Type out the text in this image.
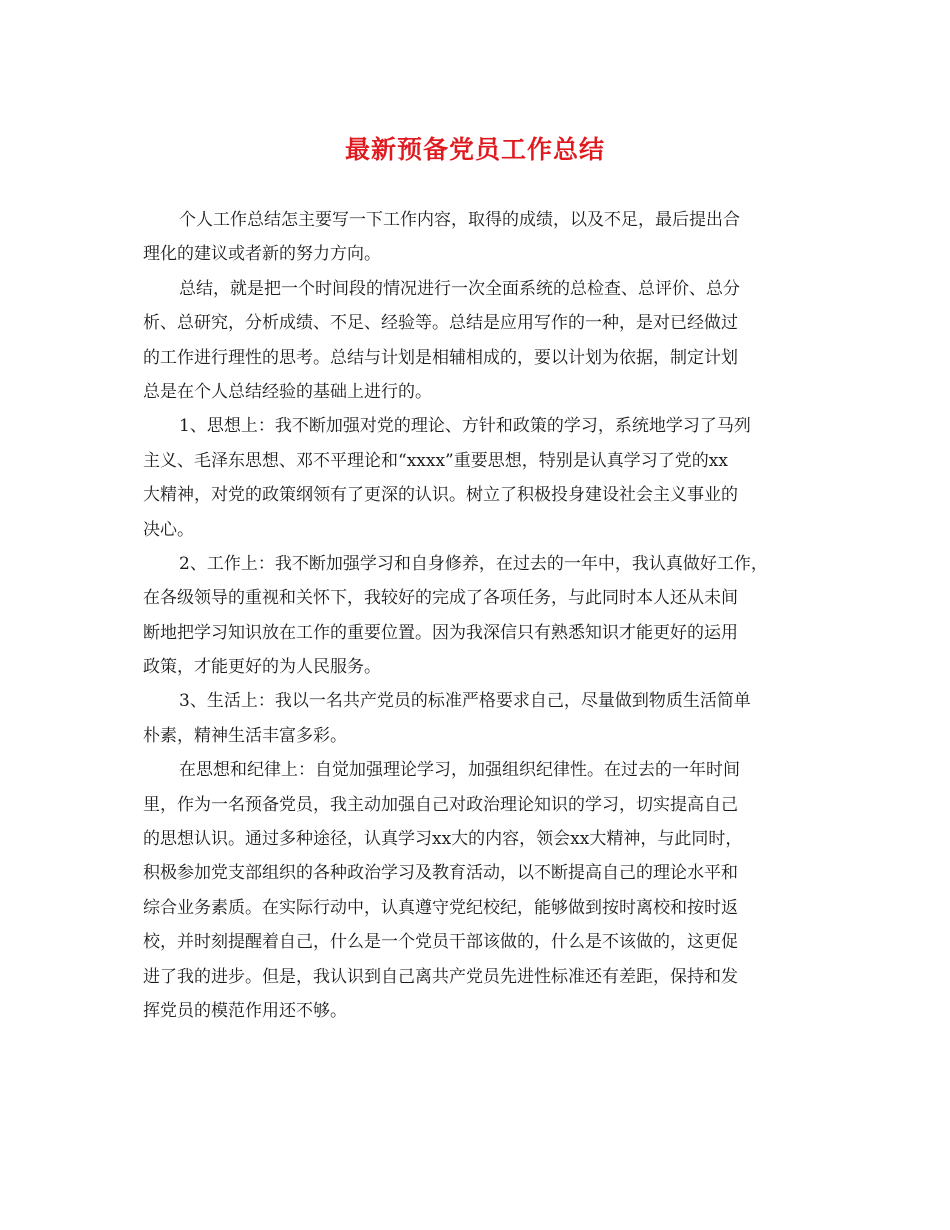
最新预备党员工作总结
个人工作总结怎主要写一下工作内容，取得的成绩，以及不足，最后提出合
理化的建议或者新的努力方向。
总结，就是把一个时间段的情况进行一次全面系统的总检查、总评价、总分
析、总研究，分析成绩、不足、经验等。总结是应用写作的一种，是对已经做过
的工作进行理性的思考。总结与计划是相辅相成的，要以计划为依据，制定计划
总是在个人总结经验的基础上进行的。
1、思想上：我不断加强对党的理论、方针和政策的学习，系统地学习了马列
主义、毛泽东思想、邓不平理论和“xxxx”重要思想，特别是认真学习了党的xx
大精神，对党的政策纲领有了更深的认识。树立了积极投身建设社会主义事业的
决心。
2、工作上：我不断加强学习和自身修养，在过去的一年中，我认真做好工作，
在各级领导的重视和关怀下，我较好的完成了各项任务，与此同时本人还从未间
断地把学习知识放在工作的重要位置。因为我深信只有熟悉知识才能更好的运用
政策，才能更好的为人民服务。
3、生活上：我以一名共产党员的标准严格要求自己，尽量做到物质生活简单
朴素，精神生活丰富多彩。
在思想和纪律上：自觉加强理论学习，加强组织纪律性。在过去的一年时间
里，作为一名预备党员，我主动加强自己对政治理论知识的学习，切实提高自己
的思想认识。通过多种途径，认真学习xx大的内容，领会xx大精神，与此同时，
积极参加党支部组织的各种政治学习及教育活动，以不断提高自己的理论水平和
综合业务素质。在实际行动中，认真遵守党纪校纪，能够做到按时离校和按时返
校，并时刻提醒着自己，什么是一个党员干部该做的，什么是不该做的，这更促
进了我的进步。但是，我认识到自己离共产党员先进性标准还有差距，保持和发
挥党员的模范作用还不够。
